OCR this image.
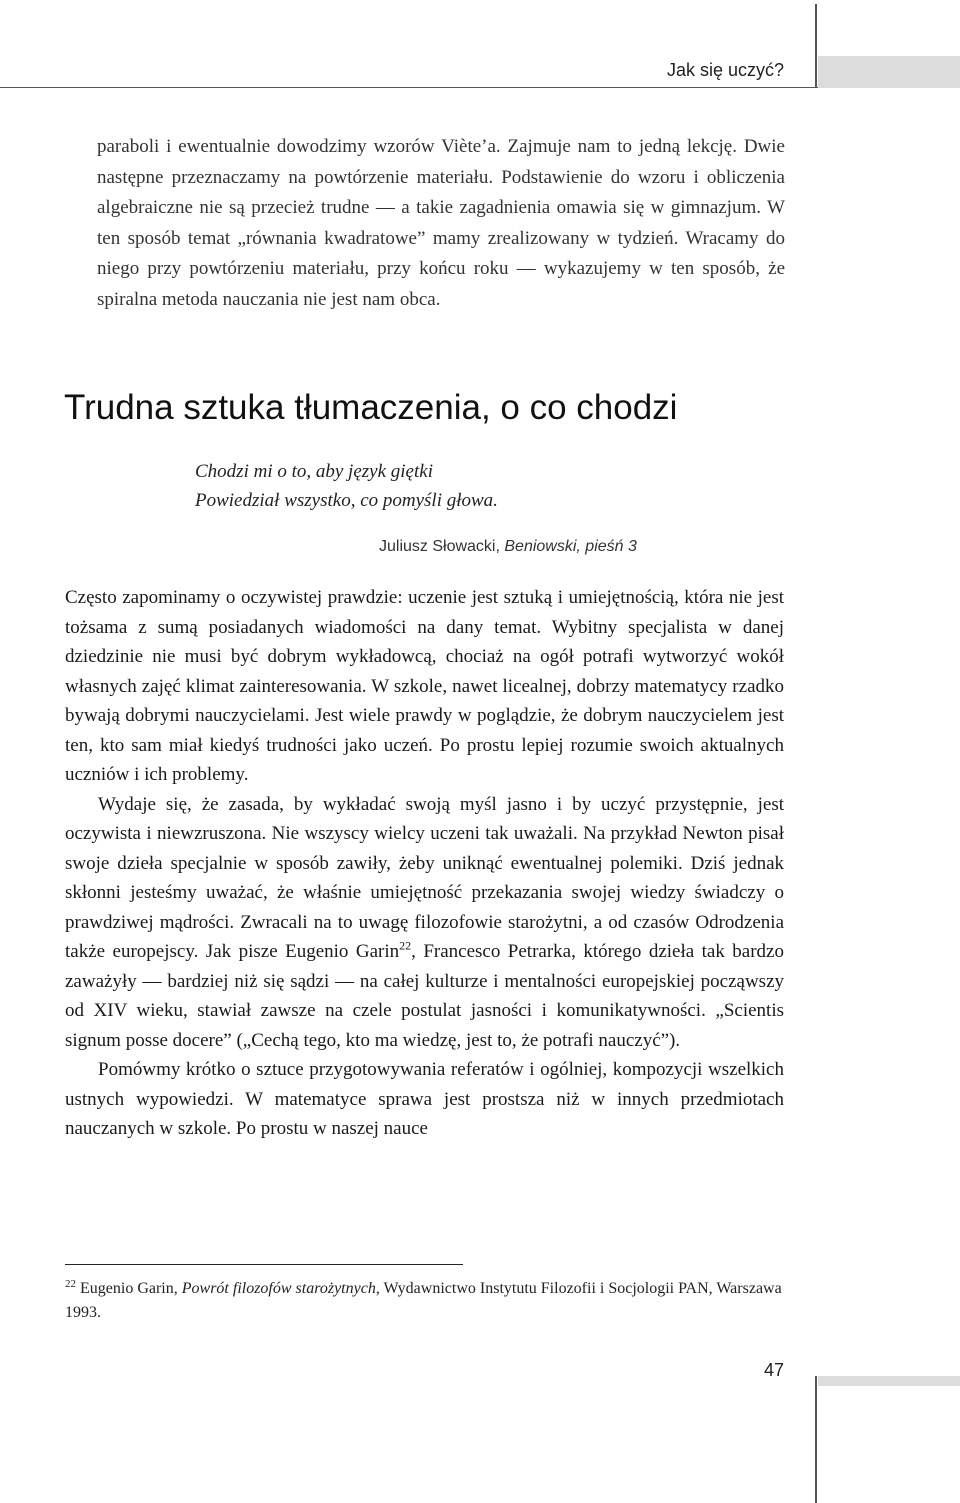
Jak się uczyć?

paraboli i ewentualnie dowodzimy wzorów Viète’a. Zajmuje nam to jedną lekcję. Dwie następne przeznaczamy na powtórzenie materiału. Podstawienie do wzoru i obliczenia algebraiczne nie są przecież trudne — a takie zagadnienia omawia się w gimnazjum. W ten sposób temat „równania kwadratowe” mamy zrealizowany w tydzień. Wracamy do niego przy powtórzeniu materiału, przy końcu roku — wykazujemy w ten sposób, że spiralna metoda nauczania nie jest nam obca.

Trudna sztuka tłumaczenia, o co chodzi
Chodzi mi o to, aby język giętki
Powiedział wszystko, co pomyśli głowa.
Juliusz Słowacki, Beniowski, pieśń 3

Często zapominamy o oczywistej prawdzie: uczenie jest sztuką i umiejętnością, która nie jest tożsama z sumą posiadanych wiadomości na dany temat. Wybitny specjalista w danej dziedzinie nie musi być dobrym wykładowcą, chociaż na ogół potrafi wytworzyć wokół własnych zajęć klimat zainteresowania. W szkole, nawet licealnej, dobrzy matematycy rzadko bywają dobrymi nauczycielami. Jest wiele prawdy w poglądzie, że dobrym nauczycielem jest ten, kto sam miał kiedyś trudności jako uczeń. Po prostu lepiej rozumie swoich aktualnych uczniów i ich problemy.

Wydaje się, że zasada, by wykładać swoją myśl jasno i by uczyć przystępnie, jest oczywista i niewzruszona. Nie wszyscy wielcy uczeni tak uważali. Na przykład Newton pisał swoje dzieła specjalnie w sposób zawiły, żeby uniknąć ewentualnej polemiki. Dziś jednak skłonni jesteśmy uważać, że właśnie umiejętność przekazania swojej wiedzy świadczy o prawdziwej mądrości. Zwracali na to uwagę filozofowie starożytni, a od czasów Odrodzenia także europejscy. Jak pisze Eugenio Garin$^{22}$, Francesco Petrarka, którego dzieła tak bardzo zaważyły — bardziej niż się sądzi — na całej kulturze i mentalności europejskiej począwszy od XIV wieku, stawiał zawsze na czele postulat jasności i komunikatywności. „Scientis signum posse docere” („Cechą tego, kto ma wiedzę, jest to, że potrafi nauczyć”).

Pomówmy krótko o sztuce przygotowywania referatów i ogólniej, kompozycji wszelkich ustnych wypowiedzi. W matematyce sprawa jest prostsza niż w innych przedmiotach nauczanych w szkole. Po prostu w naszej nauce

$^{22}$ Eugenio Garin, Powrót filozofów starożytnych, Wydawnictwo Instytutu Filozofii i Socjologii PAN, Warszawa 1993.

47
